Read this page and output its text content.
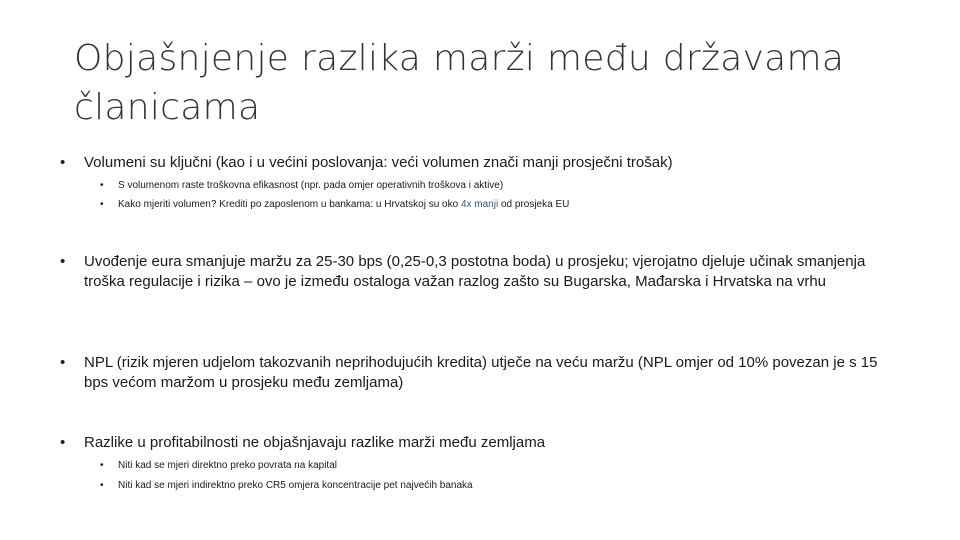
Objašnjenje razlika marži među državama članicama
• Volumeni su ključni (kao i u većini poslovanja: veći volumen znači manji prosječni trošak)
• S volumenom raste troškovna efikasnost (npr. pada omjer operativnih troškova i aktive)
• Kako mjeriti volumen? Krediti po zaposlenom u bankama: u Hrvatskoj su oko 4x manji od prosjeka EU
• Uvođenje eura smanjuje maržu za 25-30 bps (0,25-0,3 postotna boda) u prosjeku; vjerojatno djeluje učinak smanjenja troška regulacije i rizika – ovo je između ostaloga važan razlog zašto su Bugarska, Mađarska i Hrvatska na vrhu
• NPL (rizik mjeren udjelom takozvanih neprihodujućih kredita) utječe na veću maržu (NPL omjer od 10% povezan je s 15 bps većom maržom u prosjeku među zemljama)
• Razlike u profitabilnosti ne objašnjavaju razlike marži među zemljama
• Niti kad se mjeri direktno preko povrata na kapital
• Niti kad se mjeri indirektno preko CR5 omjera koncentracije pet najvećih banaka
